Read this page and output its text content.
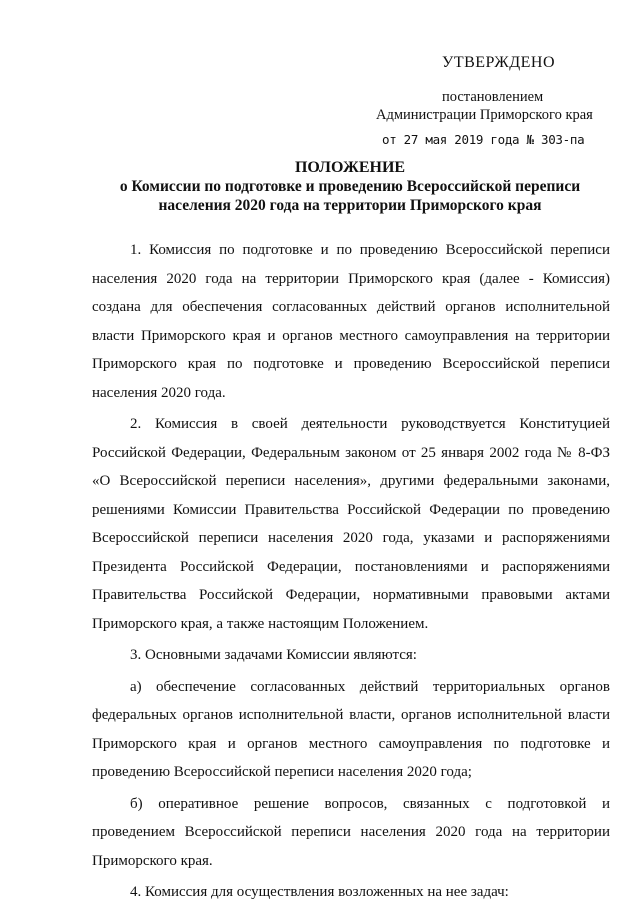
УТВЕРЖДЕНО
постановлением
Администрации Приморского края
от 27 мая 2019 года № 303-па
ПОЛОЖЕНИЕ
о Комиссии по подготовке и проведению Всероссийской переписи
населения 2020 года на территории Приморского края

1. Комиссия по подготовке и по проведению Всероссийской переписи населения 2020 года на территории Приморского края (далее - Комиссия) создана для обеспечения согласованных действий органов исполнительной власти Приморского края и органов местного самоуправления на территории Приморского края по подготовке и проведению Всероссийской переписи населения 2020 года.

2. Комиссия в своей деятельности руководствуется Конституцией Российской Федерации, Федеральным законом от 25 января 2002 года № 8-ФЗ «О Всероссийской переписи населения», другими федеральными законами, решениями Комиссии Правительства Российской Федерации по проведению Всероссийской переписи населения 2020 года, указами и распоряжениями Президента Российской Федерации, постановлениями и распоряжениями Правительства Российской Федерации, нормативными правовыми актами Приморского края, а также настоящим Положением.

3. Основными задачами Комиссии являются:

а) обеспечение согласованных действий территориальных органов федеральных органов исполнительной власти, органов исполнительной власти Приморского края и органов местного самоуправления по подготовке и проведению Всероссийской переписи населения 2020 года;

б) оперативное решение вопросов, связанных с подготовкой и проведением Всероссийской переписи населения 2020 года на территории Приморского края.

4. Комиссия для осуществления возложенных на нее задач:
